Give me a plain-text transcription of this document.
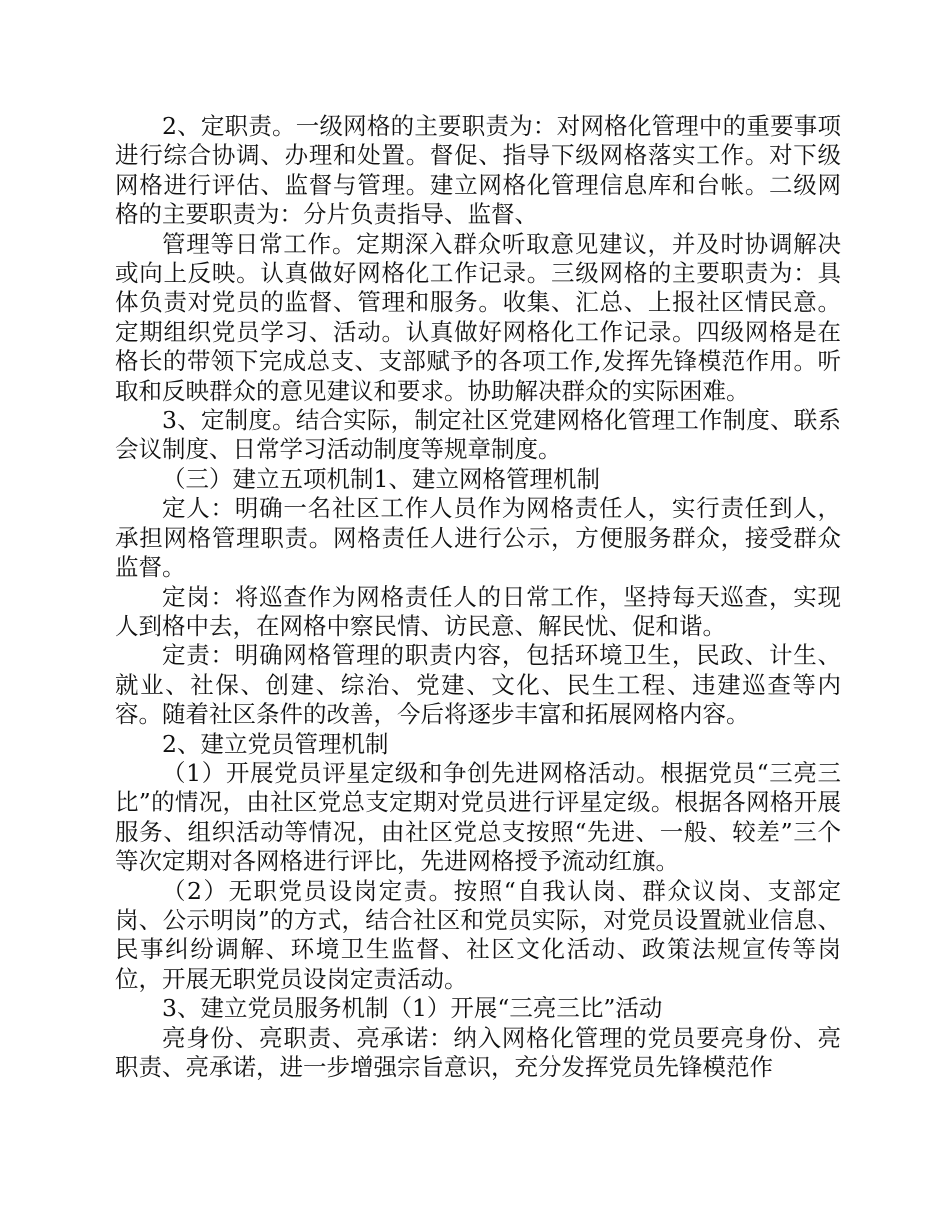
2、定职责。一级网格的主要职责为：对网格化管理中的重要事项进行综合协调、办理和处置。督促、指导下级网格落实工作。对下级网格进行评估、监督与管理。建立网格化管理信息库和台帐。二级网格的主要职责为：分片负责指导、监督、

管理等日常工作。定期深入群众听取意见建议，并及时协调解决或向上反映。认真做好网格化工作记录。三级网格的主要职责为：具体负责对党员的监督、管理和服务。收集、汇总、上报社区情民意。定期组织党员学习、活动。认真做好网格化工作记录。四级网格是在格长的带领下完成总支、支部赋予的各项工作,发挥先锋模范作用。听取和反映群众的意见建议和要求。协助解决群众的实际困难。

3、定制度。结合实际，制定社区党建网格化管理工作制度、联系会议制度、日常学习活动制度等规章制度。

（三）建立五项机制1、建立网格管理机制

定人：明确一名社区工作人员作为网格责任人，实行责任到人，承担网格管理职责。网格责任人进行公示，方便服务群众，接受群众监督。

定岗：将巡查作为网格责任人的日常工作，坚持每天巡查，实现人到格中去，在网格中察民情、访民意、解民忧、促和谐。

定责：明确网格管理的职责内容，包括环境卫生，民政、计生、就业、社保、创建、综治、党建、文化、民生工程、违建巡查等内容。随着社区条件的改善，今后将逐步丰富和拓展网格内容。

2、建立党员管理机制

（1）开展党员评星定级和争创先进网格活动。根据党员“三亮三比”的情况，由社区党总支定期对党员进行评星定级。根据各网格开展服务、组织活动等情况，由社区党总支按照“先进、一般、较差”三个等次定期对各网格进行评比，先进网格授予流动红旗。

（2）无职党员设岗定责。按照“自我认岗、群众议岗、支部定岗、公示明岗”的方式，结合社区和党员实际，对党员设置就业信息、民事纠纷调解、环境卫生监督、社区文化活动、政策法规宣传等岗位，开展无职党员设岗定责活动。

3、建立党员服务机制（1）开展“三亮三比”活动

亮身份、亮职责、亮承诺：纳入网格化管理的党员要亮身份、亮职责、亮承诺，进一步增强宗旨意识，充分发挥党员先锋模范作
